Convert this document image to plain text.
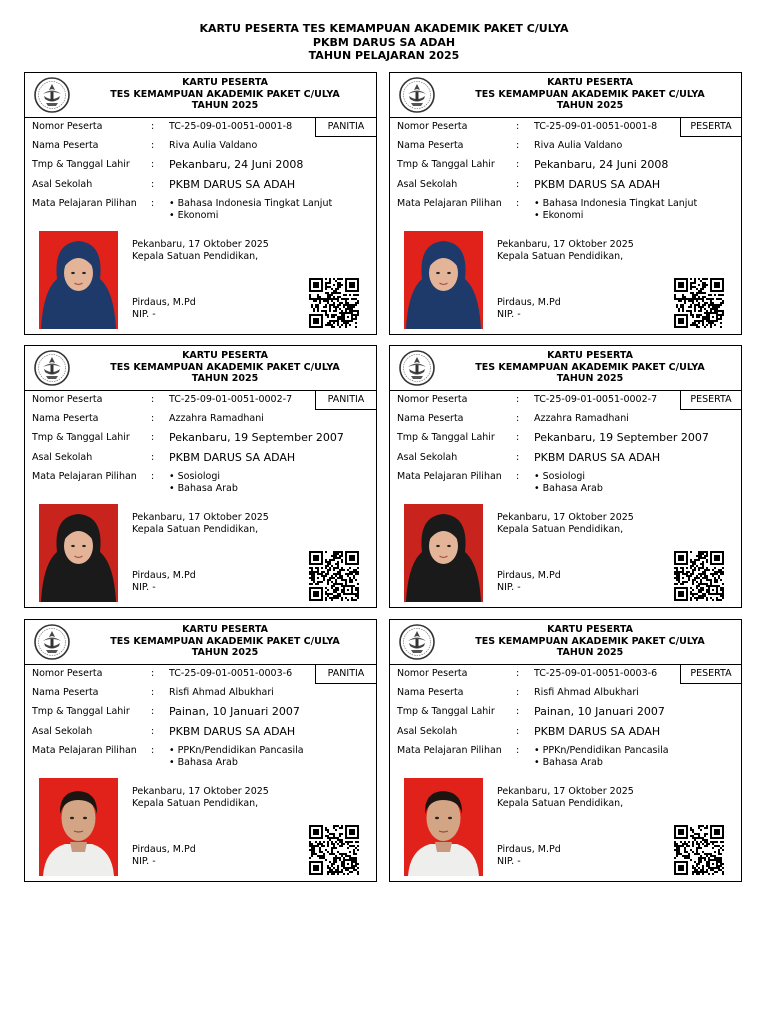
KARTU PESERTA TES KEMAMPUAN AKADEMIK PAKET C/ULYA
PKBM DARUS SA ADAH
TAHUN PELAJARAN 2025
KARTU PESERTA
TES KEMAMPUAN AKADEMIK PAKET C/ULYA
TAHUN 2025
PANITIA
Nomor Peserta	: TC-25-09-01-0051-0001-8
Nama Peserta	: Riva Aulia Valdano
Tmp & Tanggal Lahir : Pekanbaru, 24 Juni 2008
Asal Sekolah	: PKBM DARUS SA ADAH
Mata Pelajaran Pilihan : • Bahasa Indonesia Tingkat Lanjut
• Ekonomi
Pekanbaru, 17 Oktober 2025
Kepala Satuan Pendidikan,
Pirdaus, M.Pd
NIP. -
KARTU PESERTA
TES KEMAMPUAN AKADEMIK PAKET C/ULYA
TAHUN 2025
PESERTA
Nomor Peserta	: TC-25-09-01-0051-0001-8
Nama Peserta	: Riva Aulia Valdano
Tmp & Tanggal Lahir : Pekanbaru, 24 Juni 2008
Asal Sekolah	: PKBM DARUS SA ADAH
Mata Pelajaran Pilihan : • Bahasa Indonesia Tingkat Lanjut
• Ekonomi
Pekanbaru, 17 Oktober 2025
Kepala Satuan Pendidikan,
Pirdaus, M.Pd
NIP. -
KARTU PESERTA
TES KEMAMPUAN AKADEMIK PAKET C/ULYA
TAHUN 2025
PANITIA
Nomor Peserta	: TC-25-09-01-0051-0002-7
Nama Peserta	: Azzahra Ramadhani
Tmp & Tanggal Lahir : Pekanbaru, 19 September 2007
Asal Sekolah	: PKBM DARUS SA ADAH
Mata Pelajaran Pilihan : • Sosiologi
• Bahasa Arab
Pekanbaru, 17 Oktober 2025
Kepala Satuan Pendidikan,
Pirdaus, M.Pd
NIP. -
KARTU PESERTA
TES KEMAMPUAN AKADEMIK PAKET C/ULYA
TAHUN 2025
PESERTA
Nomor Peserta	: TC-25-09-01-0051-0002-7
Nama Peserta	: Azzahra Ramadhani
Tmp & Tanggal Lahir : Pekanbaru, 19 September 2007
Asal Sekolah	: PKBM DARUS SA ADAH
Mata Pelajaran Pilihan : • Sosiologi
• Bahasa Arab
Pekanbaru, 17 Oktober 2025
Kepala Satuan Pendidikan,
Pirdaus, M.Pd
NIP. -
KARTU PESERTA
TES KEMAMPUAN AKADEMIK PAKET C/ULYA
TAHUN 2025
PANITIA
Nomor Peserta	: TC-25-09-01-0051-0003-6
Nama Peserta	: Risfi Ahmad Albukhari
Tmp & Tanggal Lahir : Painan, 10 Januari 2007
Asal Sekolah	: PKBM DARUS SA ADAH
Mata Pelajaran Pilihan : • PPKn/Pendidikan Pancasila
• Bahasa Arab
Pekanbaru, 17 Oktober 2025
Kepala Satuan Pendidikan,
Pirdaus, M.Pd
NIP. -
KARTU PESERTA
TES KEMAMPUAN AKADEMIK PAKET C/ULYA
TAHUN 2025
PESERTA
Nomor Peserta	: TC-25-09-01-0051-0003-6
Nama Peserta	: Risfi Ahmad Albukhari
Tmp & Tanggal Lahir : Painan, 10 Januari 2007
Asal Sekolah	: PKBM DARUS SA ADAH
Mata Pelajaran Pilihan : • PPKn/Pendidikan Pancasila
• Bahasa Arab
Pekanbaru, 17 Oktober 2025
Kepala Satuan Pendidikan,
Pirdaus, M.Pd
NIP. -
